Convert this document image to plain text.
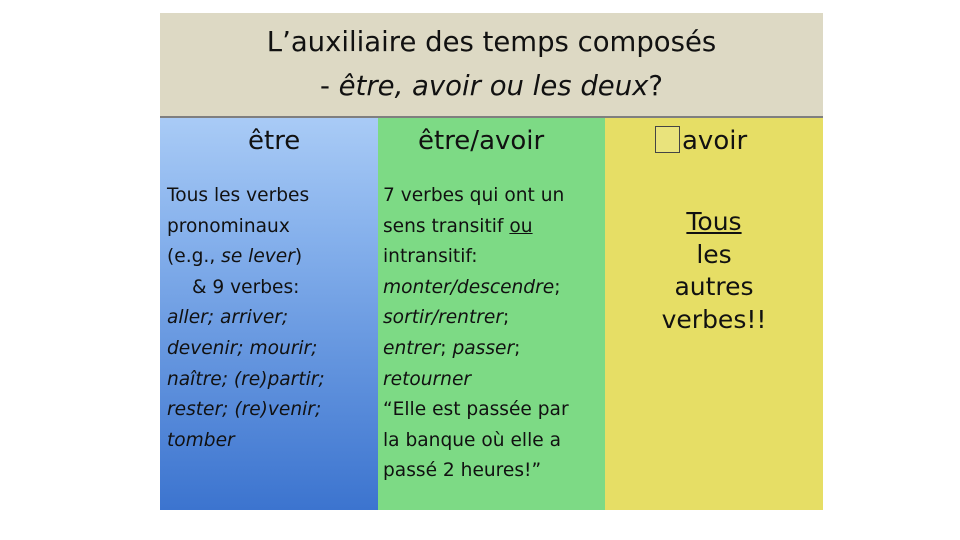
L’auxiliaire des temps composés
- être, avoir ou les deux?
être
Tous les verbes
pronominaux
(e.g., se lever)
& 9 verbes:
aller; arriver;
devenir; mourir;
naître; (re)partir;
rester; (re)venir;
tomber
être/avoir
7 verbes qui ont un
sens transitif ou
intransitif:
monter/descendre;
sortir/rentrer;
entrer; passer;
retourner
“Elle est passée par
la banque où elle a
passé 2 heures!”
avoir
Tous
les
autres
verbes!!
